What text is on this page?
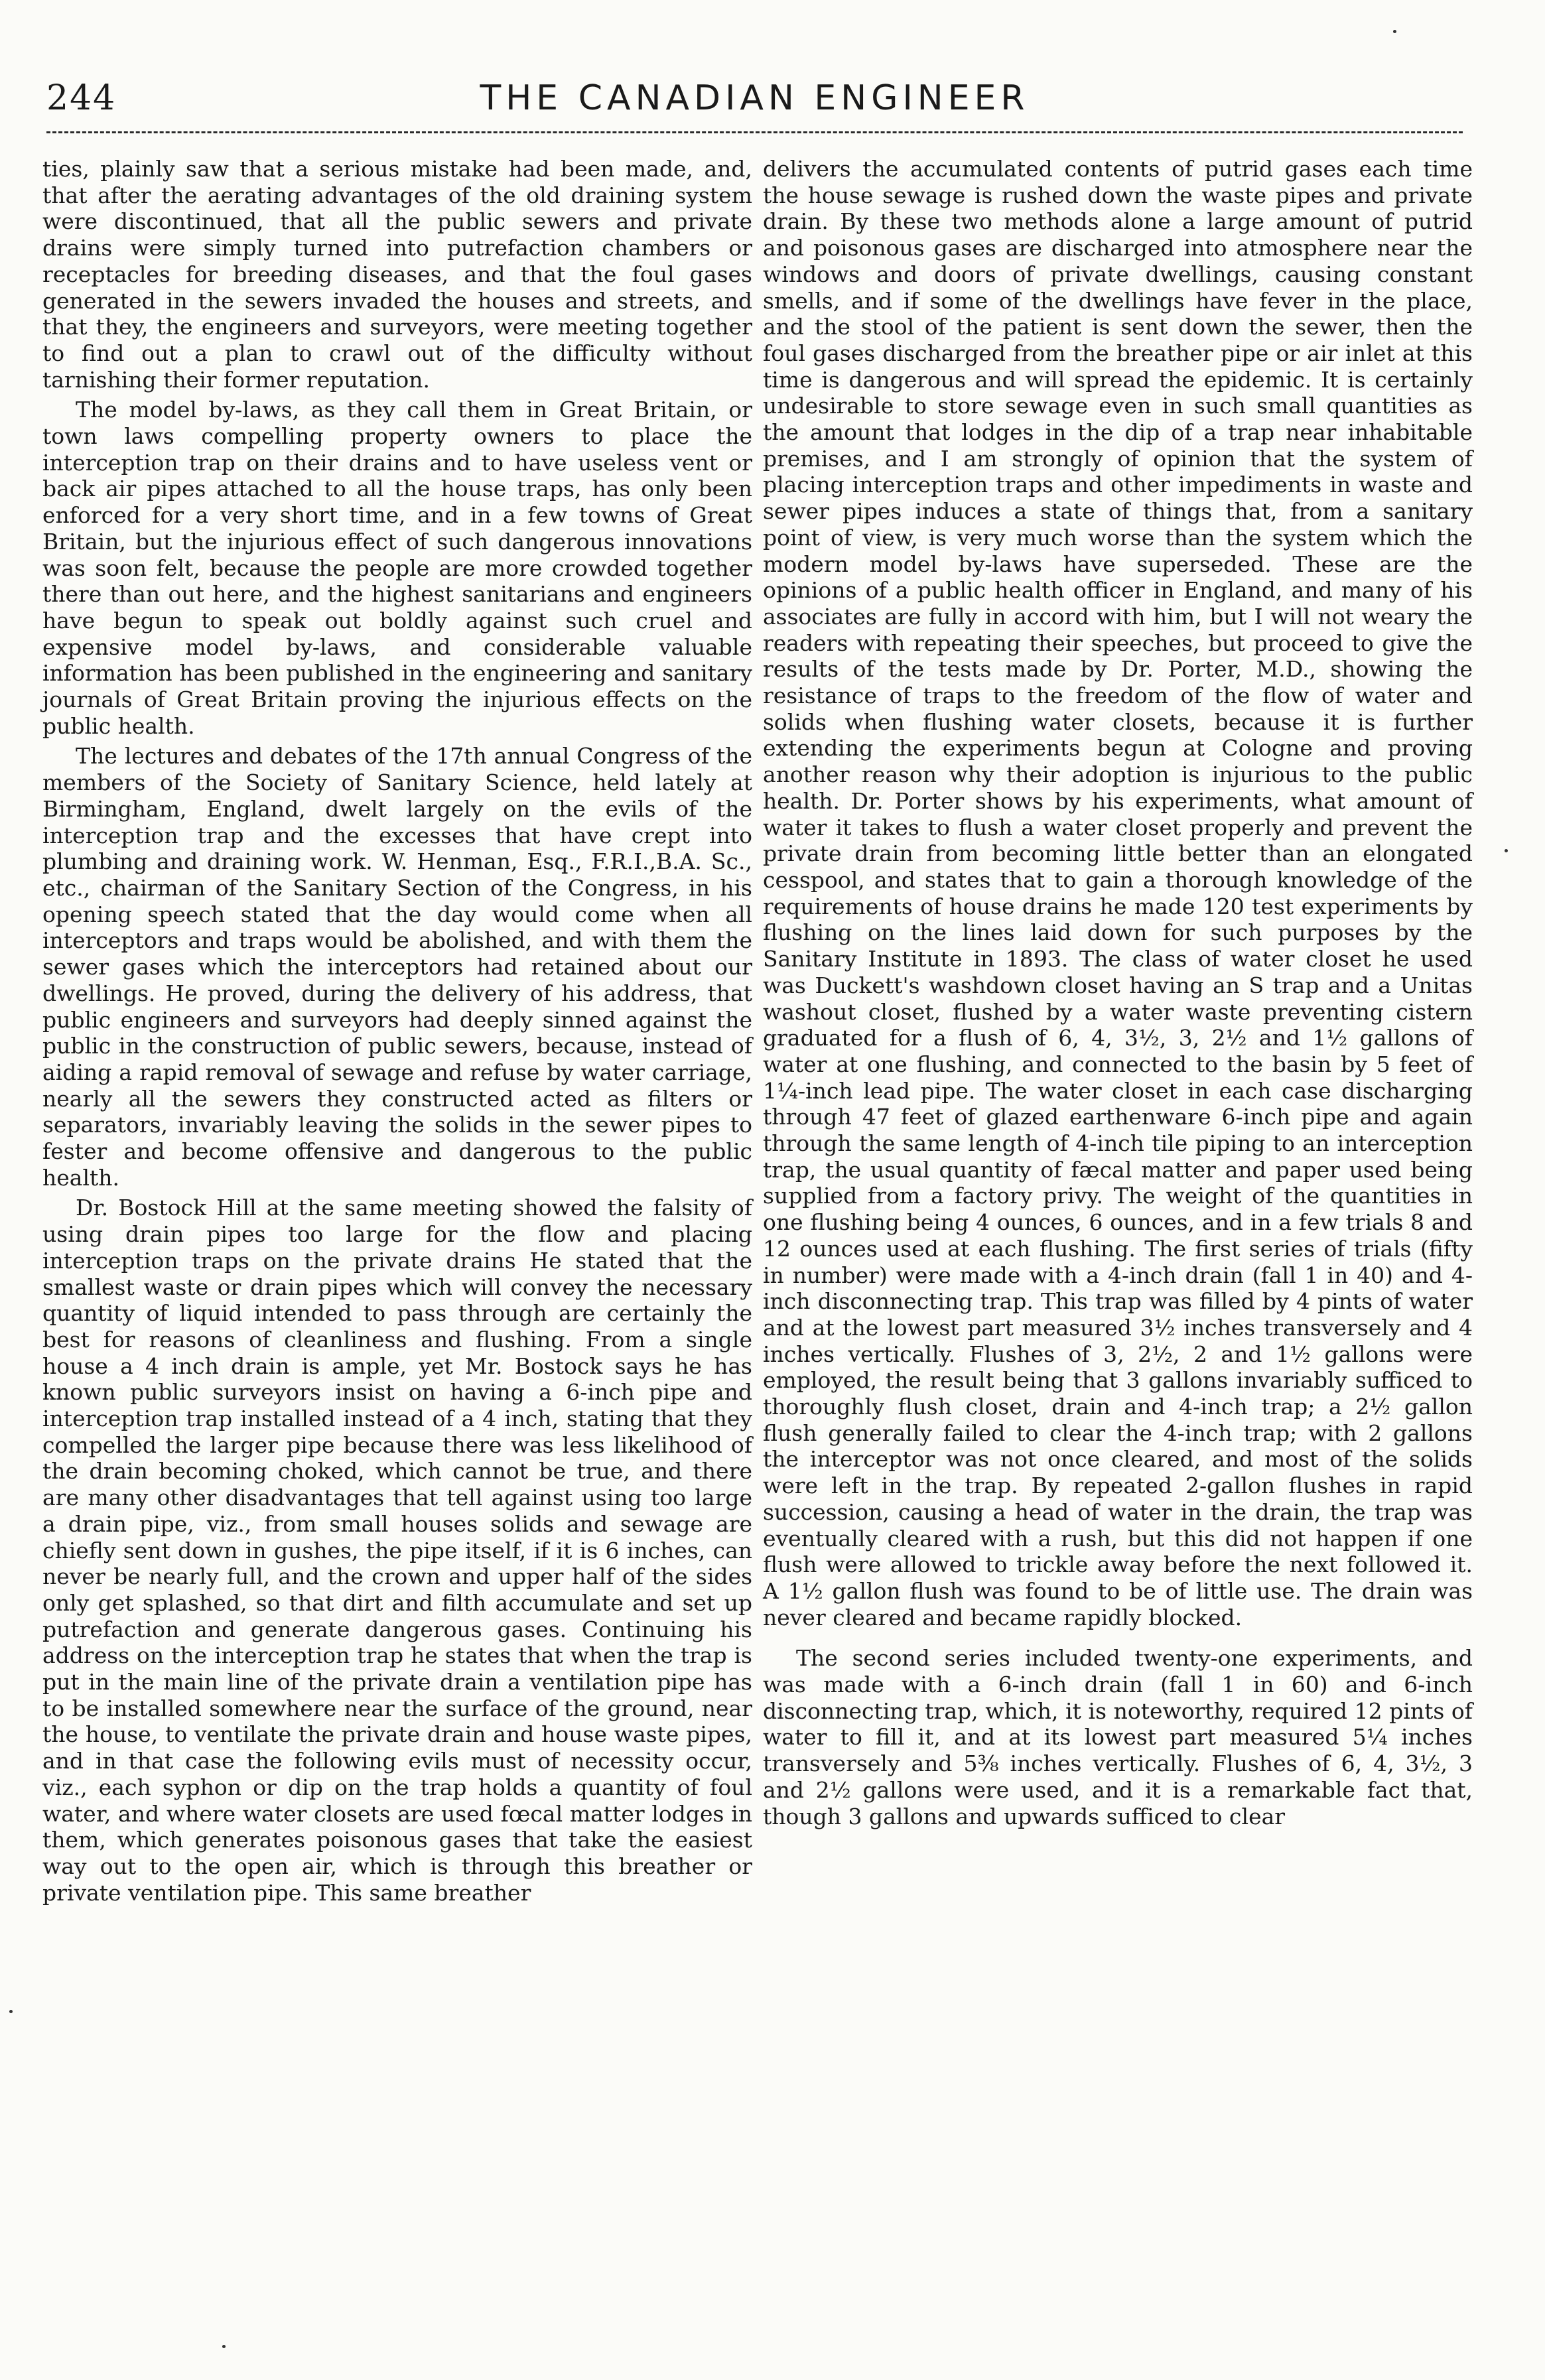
244	THE CANADIAN ENGINEER

ties, plainly saw that a serious mistake had been made, and, that after the aerating advantages of the old draining system were discontinued, that all the public sewers and private drains were simply turned into putrefaction chambers or receptacles for breeding diseases, and that the foul gases generated in the sewers invaded the houses and streets, and that they, the engineers and surveyors, were meeting together to find out a plan to crawl out of the difficulty without tarnishing their former reputation.

The model by-laws, as they call them in Great Britain, or town laws compelling property owners to place the interception trap on their drains and to have useless vent or back air pipes attached to all the house traps, has only been enforced for a very short time, and in a few towns of Great Britain, but the injurious effect of such dangerous innovations was soon felt, because the people are more crowded together there than out here, and the highest sanitarians and engineers have begun to speak out boldly against such cruel and expensive model by-laws, and considerable valuable information has been published in the engineering and sanitary journals of Great Britain proving the injurious effects on the public health.

The lectures and debates of the 17th annual Congress of the members of the Society of Sanitary Science, held lately at Birmingham, England, dwelt largely on the evils of the interception trap and the excesses that have crept into plumbing and draining work. W. Henman, Esq., F.R.I.,B.A. Sc., etc., chairman of the Sanitary Section of the Congress, in his opening speech stated that the day would come when all interceptors and traps would be abolished, and with them the sewer gases which the interceptors had retained about our dwellings. He proved, during the delivery of his address, that public engineers and surveyors had deeply sinned against the public in the construction of public sewers, because, instead of aiding a rapid removal of sewage and refuse by water carriage, nearly all the sewers they constructed acted as filters or separators, invariably leaving the solids in the sewer pipes to fester and become offensive and dangerous to the public health.

Dr. Bostock Hill at the same meeting showed the falsity of using drain pipes too large for the flow and placing interception traps on the private drains He stated that the smallest waste or drain pipes which will convey the necessary quantity of liquid intended to pass through are certainly the best for reasons of cleanliness and flushing. From a single house a 4 inch drain is ample, yet Mr. Bostock says he has known public surveyors insist on having a 6-inch pipe and interception trap installed instead of a 4 inch, stating that they compelled the larger pipe because there was less likelihood of the drain becoming choked, which cannot be true, and there are many other disadvantages that tell against using too large a drain pipe, viz., from small houses solids and sewage are chiefly sent down in gushes, the pipe itself, if it is 6 inches, can never be nearly full, and the crown and upper half of the sides only get splashed, so that dirt and filth accumulate and set up putrefaction and generate dangerous gases. Continuing his address on the interception trap he states that when the trap is put in the main line of the private drain a ventilation pipe has to be installed somewhere near the surface of the ground, near the house, to ventilate the private drain and house waste pipes, and in that case the following evils must of necessity occur, viz., each syphon or dip on the trap holds a quantity of foul water, and where water closets are used fœcal matter lodges in them, which generates poisonous gases that take the easiest way out to the open air, which is through this breather or private ventilation pipe. This same breather

delivers the accumulated contents of putrid gases each time the house sewage is rushed down the waste pipes and private drain. By these two methods alone a large amount of putrid and poisonous gases are discharged into atmosphere near the windows and doors of private dwellings, causing constant smells, and if some of the dwellings have fever in the place, and the stool of the patient is sent down the sewer, then the foul gases discharged from the breather pipe or air inlet at this time is dangerous and will spread the epidemic. It is certainly undesirable to store sewage even in such small quantities as the amount that lodges in the dip of a trap near inhabitable premises, and I am strongly of opinion that the system of placing interception traps and other impediments in waste and sewer pipes induces a state of things that, from a sanitary point of view, is very much worse than the system which the modern model by-laws have superseded. These are the opinions of a public health officer in England, and many of his associates are fully in accord with him, but I will not weary the readers with repeating their speeches, but proceed to give the results of the tests made by Dr. Porter, M.D., showing the resistance of traps to the freedom of the flow of water and solids when flushing water closets, because it is further extending the experiments begun at Cologne and proving another reason why their adoption is injurious to the public health. Dr. Porter shows by his experiments, what amount of water it takes to flush a water closet properly and prevent the private drain from becoming little better than an elongated cesspool, and states that to gain a thorough knowledge of the requirements of house drains he made 120 test experiments by flushing on the lines laid down for such purposes by the Sanitary Institute in 1893. The class of water closet he used was Duckett's washdown closet having an S trap and a Unitas washout closet, flushed by a water waste preventing cistern graduated for a flush of 6, 4, 3½, 3, 2½ and 1½ gallons of water at one flushing, and connected to the basin by 5 feet of 1¼-inch lead pipe. The water closet in each case discharging through 47 feet of glazed earthenware 6-inch pipe and again through the same length of 4-inch tile piping to an interception trap, the usual quantity of fæcal matter and paper used being supplied from a factory privy. The weight of the quantities in one flushing being 4 ounces, 6 ounces, and in a few trials 8 and 12 ounces used at each flushing. The first series of trials (fifty in number) were made with a 4-inch drain (fall 1 in 40) and 4-inch disconnecting trap. This trap was filled by 4 pints of water and at the lowest part measured 3½ inches transversely and 4 inches vertically. Flushes of 3, 2½, 2 and 1½ gallons were employed, the result being that 3 gallons invariably sufficed to thoroughly flush closet, drain and 4-inch trap; a 2½ gallon flush generally failed to clear the 4-inch trap; with 2 gallons the interceptor was not once cleared, and most of the solids were left in the trap. By repeated 2-gallon flushes in rapid succession, causing a head of water in the drain, the trap was eventually cleared with a rush, but this did not happen if one flush were allowed to trickle away before the next followed it. A 1½ gallon flush was found to be of little use. The drain was never cleared and became rapidly blocked.

The second series included twenty-one experiments, and was made with a 6-inch drain (fall 1 in 60) and 6-inch disconnecting trap, which, it is noteworthy, required 12 pints of water to fill it, and at its lowest part measured 5¼ inches transversely and 5⅜ inches vertically. Flushes of 6, 4, 3½, 3 and 2½ gallons were used, and it is a remarkable fact that, though 3 gallons and upwards sufficed to clear
